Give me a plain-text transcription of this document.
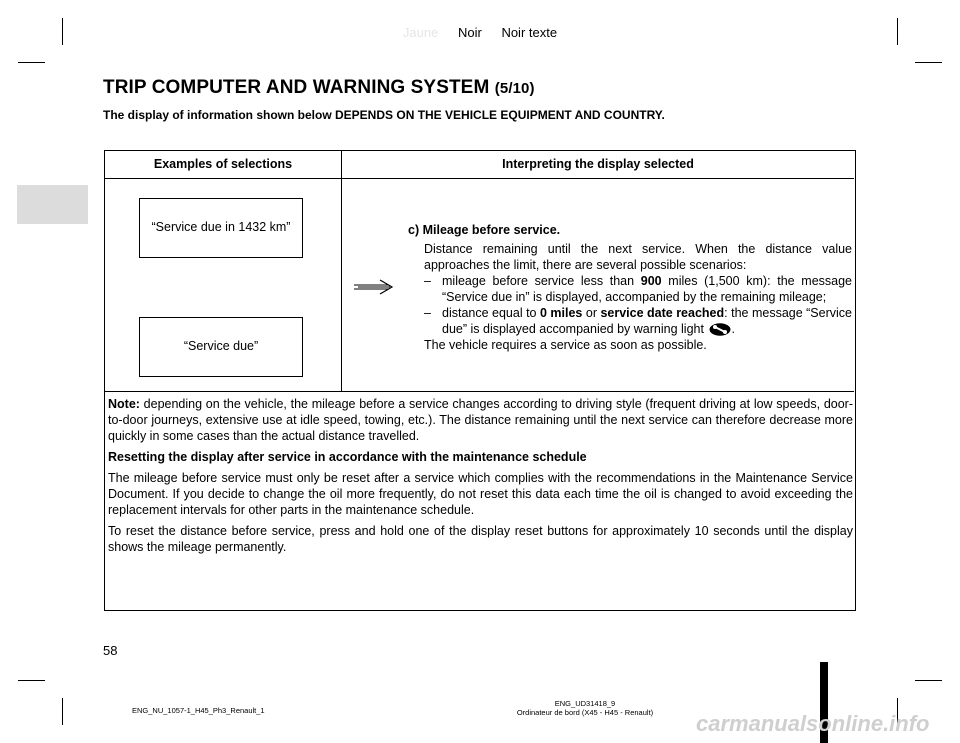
Jaune Noir Noir texte
TRIP COMPUTER AND WARNING SYSTEM (5/10)
The display of information shown below DEPENDS ON THE VEHICLE EQUIPMENT AND COUNTRY.
Examples of selections	Interpreting the display selected
“Service due in 1432 km”
“Service due”
c) Mileage before service.
Distance remaining until the next service. When the distance value approaches the limit, there are several possible scenarios:
– mileage before service less than 900 miles (1,500 km): the message “Service due in” is displayed, accompanied by the remaining mileage;
– distance equal to 0 miles or service date reached: the message “Service due” is displayed accompanied by warning light .
The vehicle requires a service as soon as possible.

Note: depending on the vehicle, the mileage before a service changes according to driving style (frequent driving at low speeds, door-to-door journeys, extensive use at idle speed, towing, etc.). The distance remaining until the next service can therefore decrease more quickly in some cases than the actual distance travelled.

Resetting the display after service in accordance with the maintenance schedule

The mileage before service must only be reset after a service which complies with the recommendations in the Maintenance Service Document. If you decide to change the oil more frequently, do not reset this data each time the oil is changed to avoid exceeding the replacement intervals for other parts in the maintenance schedule.

To reset the distance before service, press and hold one of the display reset buttons for approximately 10 seconds until the display shows the mileage permanently.

58
ENG_NU_1057-1_H45_Ph3_Renault_1
ENG_UD31418_9
Ordinateur de bord (X45 - H45 - Renault)	carmanualsonline.info
